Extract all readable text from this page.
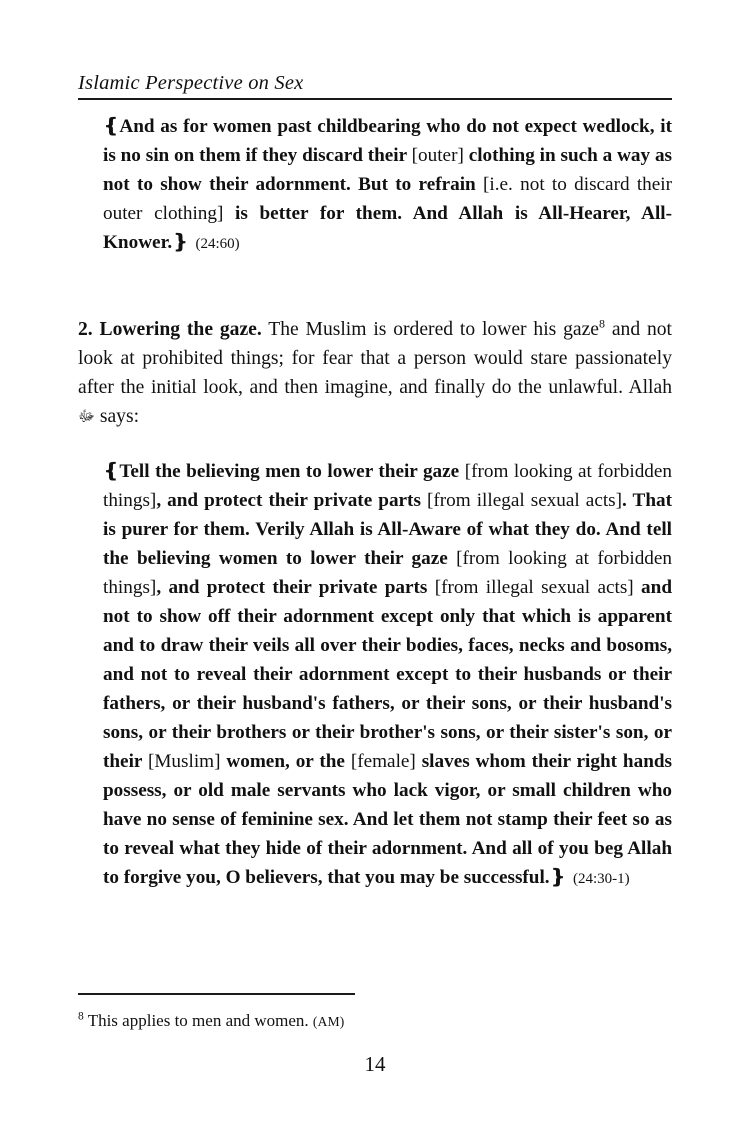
Islamic Perspective on Sex

❴And as for women past childbearing who do not expect wedlock, it is no sin on them if they discard their [outer] clothing in such a way as not to show their adornment. But to refrain [i.e. not to discard their outer clothing] is better for them. And Allah is All-Hearer, All-Knower.❵ (24:60)

2. Lowering the gaze. The Muslim is ordered to lower his gaze$^8$ and not look at prohibited things; for fear that a person would stare passionately after the initial look, and then imagine, and finally do the unlawful. Allah ﷻ says:

❴Tell the believing men to lower their gaze [from looking at forbidden things], and protect their private parts [from illegal sexual acts]. That is purer for them. Verily Allah is All-Aware of what they do. And tell the believing women to lower their gaze [from looking at forbidden things], and protect their private parts [from illegal sexual acts] and not to show off their adornment except only that which is apparent and to draw their veils all over their bodies, faces, necks and bosoms, and not to reveal their adornment except to their husbands or their fathers, or their husband's fathers, or their sons, or their husband's sons, or their brothers or their brother's sons, or their sister's son, or their [Muslim] women, or the [female] slaves whom their right hands possess, or old male servants who lack vigor, or small children who have no sense of feminine sex. And let them not stamp their feet so as to reveal what they hide of their adornment. And all of you beg Allah to forgive you, O believers, that you may be successful.❵ (24:30-1)

$^8$ This applies to men and women. (AM)
14
